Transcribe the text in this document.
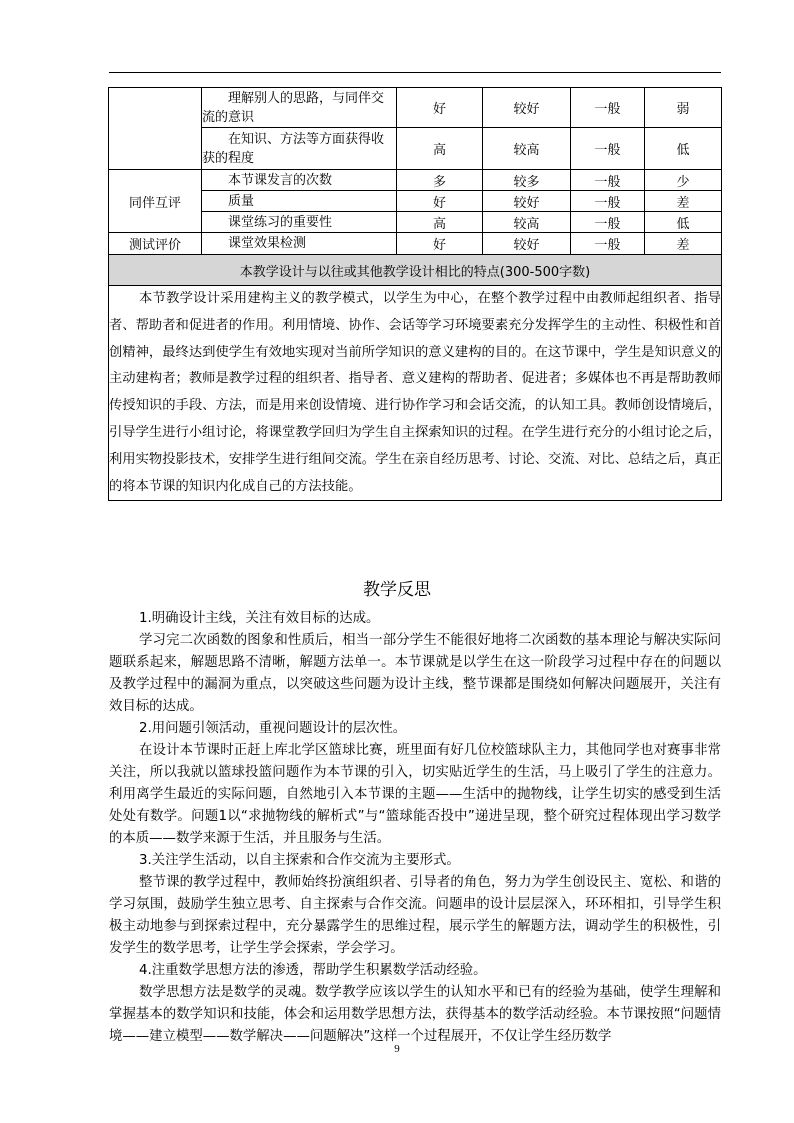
	理解别人的思路，与同伴交流的意识	好	较好	一般	弱
	在知识、方法等方面获得收获的程度	高	较高	一般	低
同伴互评	本节课发言的次数	多	较多	一般	少
	质量	好	较好	一般	差
	课堂练习的重要性	高	较高	一般	低
测试评价	课堂效果检测	好	较好	一般	差
本教学设计与以往或其他教学设计相比的特点(300-500字数)					
本节教学设计采用建构主义的教学模式，以学生为中心，在整个教学过程中由教师起组织者、指导者、帮助者和促进者的作用。利用情境、协作、会话等学习环境要素充分发挥学生的主动性、积极性和首创精神，最终达到使学生有效地实现对当前所学知识的意义建构的目的。在这节课中，学生是知识意义的主动建构者；教师是教学过程的组织者、指导者、意义建构的帮助者、促进者；多媒体也不再是帮助教师传授知识的手段、方法，而是用来创设情境、进行协作学习和会话交流，的认知工具。教师创设情境后，引导学生进行小组讨论，将课堂教学回归为学生自主探索知识的过程。在学生进行充分的小组讨论之后，利用实物投影技术，安排学生进行组间交流。学生在亲自经历思考、讨论、交流、对比、总结之后，真正的将本节课的知识内化成自己的方法技能。					
教学反思

1.明确设计主线，关注有效目标的达成。

学习完二次函数的图象和性质后，相当一部分学生不能很好地将二次函数的基本理论与解决实际问题联系起来，解题思路不清晰，解题方法单一。本节课就是以学生在这一阶段学习过程中存在的问题以及教学过程中的漏洞为重点，以突破这些问题为设计主线，整节课都是围绕如何解决问题展开，关注有效目标的达成。

2.用问题引领活动，重视问题设计的层次性。

在设计本节课时正赶上库北学区篮球比赛，班里面有好几位校篮球队主力，其他同学也对赛事非常关注，所以我就以篮球投篮问题作为本节课的引入，切实贴近学生的生活，马上吸引了学生的注意力。利用离学生最近的实际问题，自然地引入本节课的主题——生活中的抛物线，让学生切实的感受到生活处处有数学。问题1以“求抛物线的解析式”与“篮球能否投中”递进呈现，整个研究过程体现出学习数学的本质——数学来源于生活，并且服务与生活。

3.关注学生活动，以自主探索和合作交流为主要形式。

整节课的教学过程中，教师始终扮演组织者、引导者的角色，努力为学生创设民主、宽松、和谐的学习氛围，鼓励学生独立思考、自主探索与合作交流。问题串的设计层层深入，环环相扣，引导学生积极主动地参与到探索过程中，充分暴露学生的思维过程，展示学生的解题方法，调动学生的积极性，引发学生的数学思考，让学生学会探索，学会学习。

4.注重数学思想方法的渗透，帮助学生积累数学活动经验。

数学思想方法是数学的灵魂。数学教学应该以学生的认知水平和已有的经验为基础，使学生理解和掌握基本的数学知识和技能，体会和运用数学思想方法，获得基本的数学活动经验。本节课按照“问题情境——建立模型——数学解决——问题解决”这样一个过程展开，不仅让学生经历数学

9
